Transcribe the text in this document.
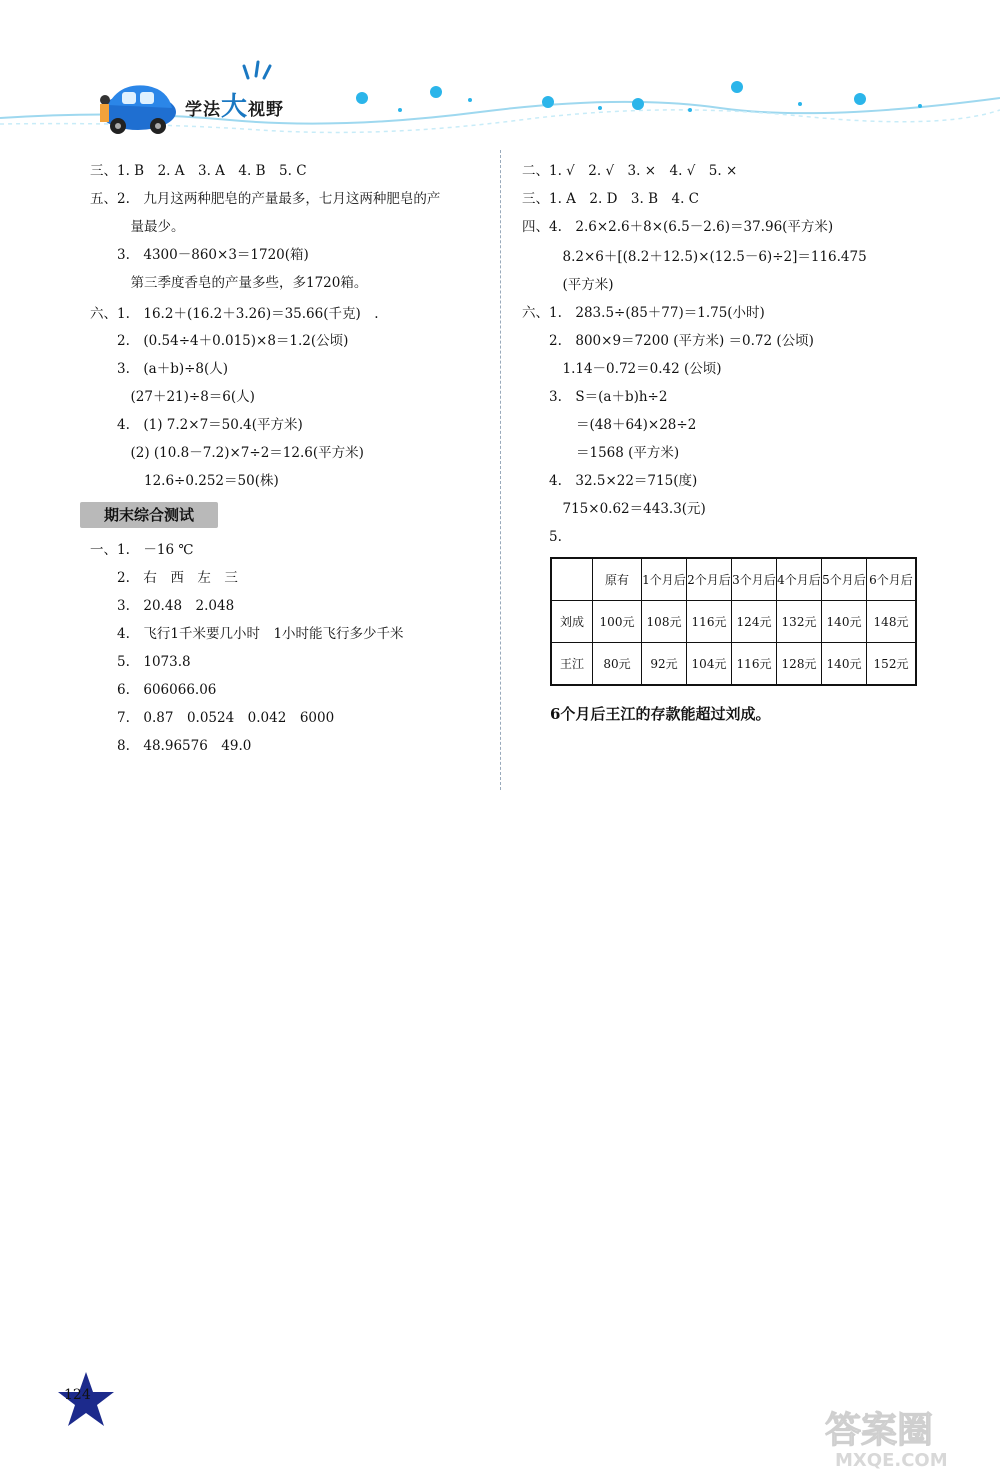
学法大视野
三、1. B　2. A　3. A　4. B　5. C
五、2.　九月这两种肥皂的产量最多，七月这两种肥皂的产
　　　量最少。
　　3.　4300－860×3＝1720(箱)
　　　第三季度香皂的产量多些，多1720箱。
六、1.　16.2＋(16.2＋3.26)＝35.66(千克)　.
　　2.　(0.54÷4＋0.015)×8＝1.2(公顷)
　　3.　(a＋b)÷8(人)
　　　(27＋21)÷8＝6(人)
　　4.　(1) 7.2×7＝50.4(平方米)
　　　(2) (10.8－7.2)×7÷2＝12.6(平方米)
　　　　12.6÷0.252＝50(株)
期末综合测试
一、1.　－16 ℃
　　2.　右　西　左　三
　　3.　20.48　2.048
　　4.　飞行1千米要几小时　1小时能飞行多少千米
　　5.　1073.8
　　6.　606066.06
　　7.　0.87　0.0524　0.042　6000
　　8.　48.96576　49.0
二、1. √　2. √　3. ×　4. √　5. ×
三、1. A　2. D　3. B　4. C
四、4.　2.6×2.6＋8×(6.5－2.6)＝37.96(平方米)
　　　8.2×6＋[(8.2＋12.5)×(12.5－6)÷2]＝116.475
　　　(平方米)
六、1.　283.5÷(85＋77)＝1.75(小时)
　　2.　800×9＝7200 (平方米) ＝0.72 (公顷)
　　　1.14－0.72＝0.42 (公顷)
　　3.　S＝(a＋b)h÷2
　　　　＝(48＋64)×28÷2
　　　　＝1568 (平方米)
　　4.　32.5×22＝715(度)
　　　715×0.62＝443.3(元)
　　5.
	原有	1个月后	2个月后	3个月后	4个月后	5个月后	6个月后
刘成	100元	108元	116元	124元	132元	140元	148元
王江	80元	92元	104元	116元	128元	140元	152元
6个月后王江的存款能超过刘成。
124
答案圈
MXQE.COM
